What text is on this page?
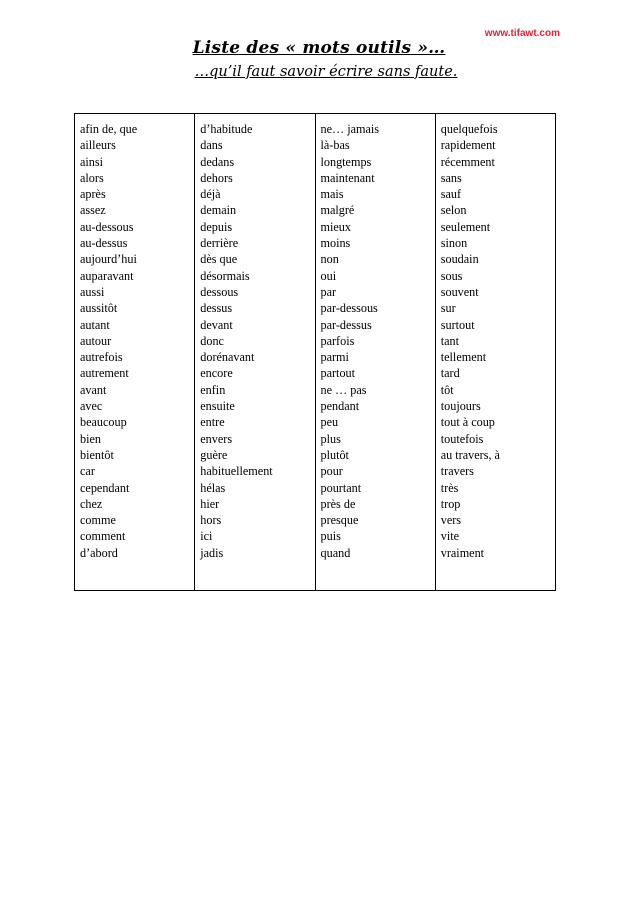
www.tifawt.com
Liste des « mots outils »…
…qu’il faut savoir écrire sans faute.
afin de, que
ailleurs
ainsi
alors
après
assez
au-dessous
au-dessus
aujourd’hui
auparavant
aussi
aussitôt
autant
autour
autrefois
autrement
avant
avec
beaucoup
bien
bientôt
car
cependant
chez
comme
comment
d’abord

d’habitude
dans
dedans
dehors
déjà
demain
depuis
derrière
dès que
désormais
dessous
dessus
devant
donc
dorénavant
encore
enfin
ensuite
entre
envers
guère
habituellement
hélas
hier
hors
ici
jadis

ne… jamais
là-bas
longtemps
maintenant
mais
malgré
mieux
moins
non
oui
par
par-dessous
par-dessus
parfois
parmi
partout
ne … pas
pendant
peu
plus
plutôt
pour
pourtant
près de
presque
puis
quand

quelquefois
rapidement
récemment
sans
sauf
selon
seulement
sinon
soudain
sous
souvent
sur
surtout
tant
tellement
tard
tôt
toujours
tout à coup
toutefois
au travers, à
travers
très
trop
vers
vite
vraiment
